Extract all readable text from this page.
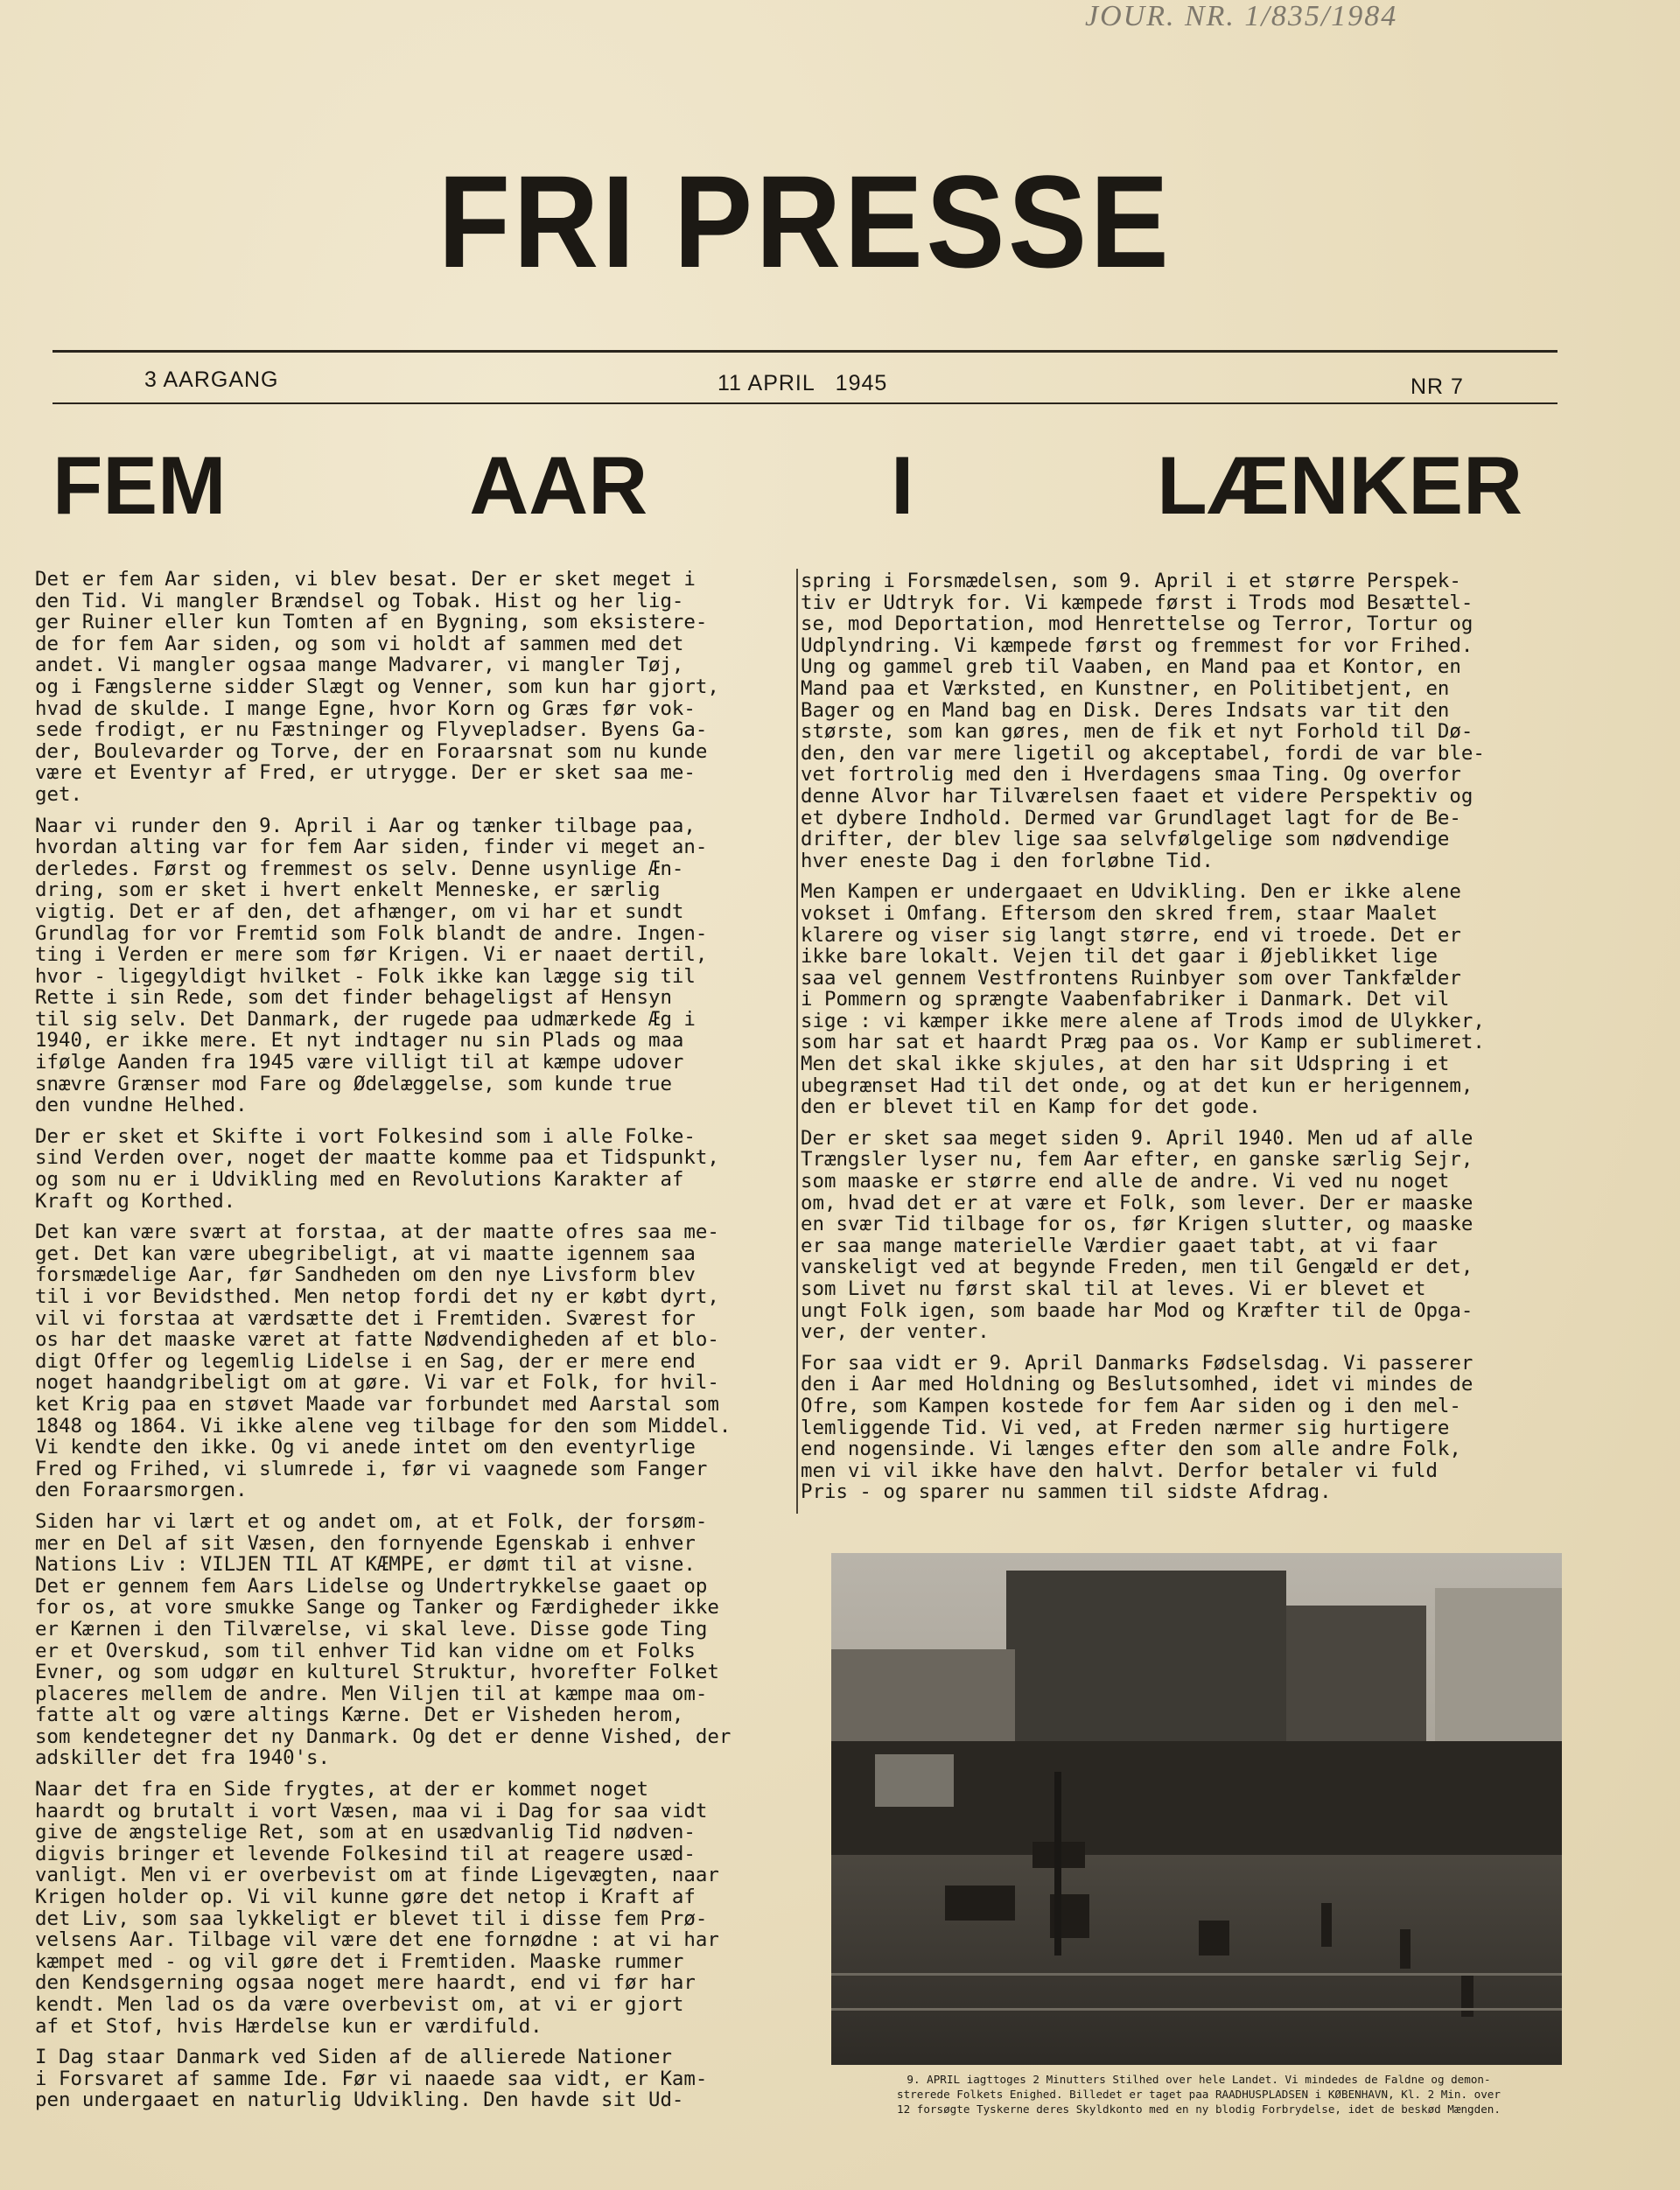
JOUR. NR. 1/835/1984
FRI PRESSE
3 AARGANG	11 APRIL   1945	NR 7
FEM	AAR	I	LÆNKER

Det er fem Aar siden, vi blev besat. Der er sket meget i
den Tid. Vi mangler Brændsel og Tobak. Hist og her lig-
ger Ruiner eller kun Tomten af en Bygning, som eksistere-
de for fem Aar siden, og som vi holdt af sammen med det
andet. Vi mangler ogsaa mange Madvarer, vi mangler Tøj,
og i Fængslerne sidder Slægt og Venner, som kun har gjort,
hvad de skulde. I mange Egne, hvor Korn og Græs før vok-
sede frodigt, er nu Fæstninger og Flyvepladser. Byens Ga-
der, Boulevarder og Torve, der en Foraarsnat som nu kunde
være et Eventyr af Fred, er utrygge. Der er sket saa me-
get.

Naar vi runder den 9. April i Aar og tænker tilbage paa,
hvordan alting var for fem Aar siden, finder vi meget an-
derledes. Først og fremmest os selv. Denne usynlige Æn-
dring, som er sket i hvert enkelt Menneske, er særlig
vigtig. Det er af den, det afhænger, om vi har et sundt
Grundlag for vor Fremtid som Folk blandt de andre. Ingen-
ting i Verden er mere som før Krigen. Vi er naaet dertil,
hvor - ligegyldigt hvilket - Folk ikke kan lægge sig til
Rette i sin Rede, som det finder behageligst af Hensyn
til sig selv. Det Danmark, der rugede paa udmærkede Æg i
1940, er ikke mere. Et nyt indtager nu sin Plads og maa
ifølge Aanden fra 1945 være villigt til at kæmpe udover
snævre Grænser mod Fare og Ødelæggelse, som kunde true
den vundne Helhed.

Der er sket et Skifte i vort Folkesind som i alle Folke-
sind Verden over, noget der maatte komme paa et Tidspunkt,
og som nu er i Udvikling med en Revolutions Karakter af
Kraft og Korthed.

Det kan være svært at forstaa, at der maatte ofres saa me-
get. Det kan være ubegribeligt, at vi maatte igennem saa
forsmædelige Aar, før Sandheden om den nye Livsform blev
til i vor Bevidsthed. Men netop fordi det ny er købt dyrt,
vil vi forstaa at værdsætte det i Fremtiden. Sværest for
os har det maaske været at fatte Nødvendigheden af et blo-
digt Offer og legemlig Lidelse i en Sag, der er mere end
noget haandgribeligt om at gøre. Vi var et Folk, for hvil-
ket Krig paa en støvet Maade var forbundet med Aarstal som
1848 og 1864. Vi ikke alene veg tilbage for den som Middel.
Vi kendte den ikke. Og vi anede intet om den eventyrlige
Fred og Frihed, vi slumrede i, før vi vaagnede som Fanger
den Foraarsmorgen.

Siden har vi lært et og andet om, at et Folk, der forsøm-
mer en Del af sit Væsen, den fornyende Egenskab i enhver
Nations Liv : VILJEN TIL AT KÆMPE, er dømt til at visne.
Det er gennem fem Aars Lidelse og Undertrykkelse gaaet op
for os, at vore smukke Sange og Tanker og Færdigheder ikke
er Kærnen i den Tilværelse, vi skal leve. Disse gode Ting
er et Overskud, som til enhver Tid kan vidne om et Folks
Evner, og som udgør en kulturel Struktur, hvorefter Folket
placeres mellem de andre. Men Viljen til at kæmpe maa om-
fatte alt og være altings Kærne. Det er Visheden herom,
som kendetegner det ny Danmark. Og det er denne Vished, der
adskiller det fra 1940's.

Naar det fra en Side frygtes, at der er kommet noget
haardt og brutalt i vort Væsen, maa vi i Dag for saa vidt
give de ængstelige Ret, som at en usædvanlig Tid nødven-
digvis bringer et levende Folkesind til at reagere usæd-
vanligt. Men vi er overbevist om at finde Ligevægten, naar
Krigen holder op. Vi vil kunne gøre det netop i Kraft af
det Liv, som saa lykkeligt er blevet til i disse fem Prø-
velsens Aar. Tilbage vil være det ene fornødne : at vi har
kæmpet med - og vil gøre det i Fremtiden. Maaske rummer
den Kendsgerning ogsaa noget mere haardt, end vi før har
kendt. Men lad os da være overbevist om, at vi er gjort
af et Stof, hvis Hærdelse kun er værdifuld.

I Dag staar Danmark ved Siden af de allierede Nationer
i Forsvaret af samme Ide. Før vi naaede saa vidt, er Kam-
pen undergaaet en naturlig Udvikling. Den havde sit Ud-

spring i Forsmædelsen, som 9. April i et større Perspek-
tiv er Udtryk for. Vi kæmpede først i Trods mod Besættel-
se, mod Deportation, mod Henrettelse og Terror, Tortur og
Udplyndring. Vi kæmpede først og fremmest for vor Frihed.
Ung og gammel greb til Vaaben, en Mand paa et Kontor, en
Mand paa et Værksted, en Kunstner, en Politibetjent, en
Bager og en Mand bag en Disk. Deres Indsats var tit den
største, som kan gøres, men de fik et nyt Forhold til Dø-
den, den var mere ligetil og akceptabel, fordi de var ble-
vet fortrolig med den i Hverdagens smaa Ting. Og overfor
denne Alvor har Tilværelsen faaet et videre Perspektiv og
et dybere Indhold. Dermed var Grundlaget lagt for de Be-
drifter, der blev lige saa selvfølgelige som nødvendige
hver eneste Dag i den forløbne Tid.

Men Kampen er undergaaet en Udvikling. Den er ikke alene
vokset i Omfang. Eftersom den skred frem, staar Maalet
klarere og viser sig langt større, end vi troede. Det er
ikke bare lokalt. Vejen til det gaar i Øjeblikket lige
saa vel gennem Vestfrontens Ruinbyer som over Tankfælder
i Pommern og sprængte Vaabenfabriker i Danmark. Det vil
sige : vi kæmper ikke mere alene af Trods imod de Ulykker,
som har sat et haardt Præg paa os. Vor Kamp er sublimeret.
Men det skal ikke skjules, at den har sit Udspring i et
ubegrænset Had til det onde, og at det kun er herigennem,
den er blevet til en Kamp for det gode.

Der er sket saa meget siden 9. April 1940. Men ud af alle
Trængsler lyser nu, fem Aar efter, en ganske særlig Sejr,
som maaske er større end alle de andre. Vi ved nu noget
om, hvad det er at være et Folk, som lever. Der er maaske
en svær Tid tilbage for os, før Krigen slutter, og maaske
er saa mange materielle Værdier gaaet tabt, at vi faar
vanskeligt ved at begynde Freden, men til Gengæld er det,
som Livet nu først skal til at leves. Vi er blevet et
ungt Folk igen, som baade har Mod og Kræfter til de Opga-
ver, der venter.

For saa vidt er 9. April Danmarks Fødselsdag. Vi passerer
den i Aar med Holdning og Beslutsomhed, idet vi mindes de
Ofre, som Kampen kostede for fem Aar siden og i den mel-
lemliggende Tid. Vi ved, at Freden nærmer sig hurtigere
end nogensinde. Vi længes efter den som alle andre Folk,
men vi vil ikke have den halvt. Derfor betaler vi fuld
Pris - og sparer nu sammen til sidste Afdrag.

9. APRIL iagttoges 2 Minutters Stilhed over hele Landet. Vi mindedes de Faldne og demon-
strerede Folkets Enighed. Billedet er taget paa RAADHUSPLADSEN i KØBENHAVN, Kl. 2 Min. over
12 forsøgte Tyskerne deres Skyldkonto med en ny blodig Forbrydelse, idet de beskød Mængden.
